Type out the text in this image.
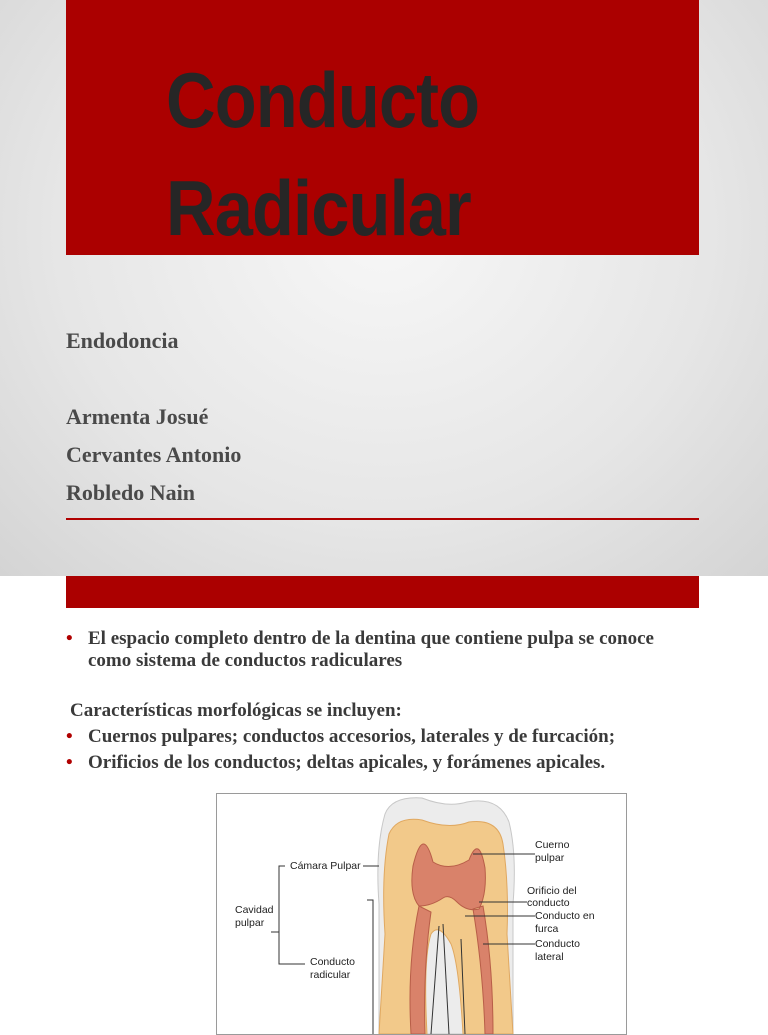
Conducto
Radicular
Endodoncia
Armenta Josué
Cervantes Antonio
Robledo Nain
• El espacio completo dentro de la dentina que contiene pulpa se conoce como sistema de conductos radiculares
Características morfológicas se incluyen:
• Cuernos pulpares; conductos accesorios, laterales y de furcación;
• Orificios de los conductos; deltas apicales, y forámenes apicales.
Cámara Pulpar
Cavidad
pulpar
Conducto
radicular
Cuerno
pulpar
Orificio del
conducto
Conducto en
furca
Conducto
lateral
